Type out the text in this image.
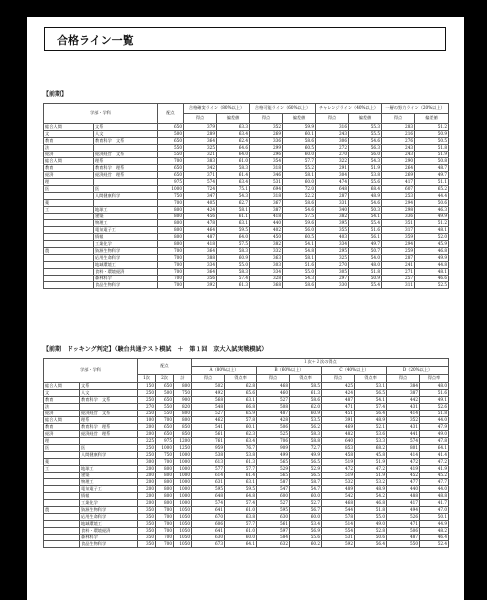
合格ライン一覧
【前期】
学部・学科		配点	合格確実ライン（80%以上）		合格可能ライン（60%以上）		チャレンジライン（40%以上）		一層の努力ライン（20%以上）	
			得点	偏差値	得点	偏差値	得点	偏差値	得点	偏差値
総合人間	文系	650	379	63.3	352	59.9	316	55.3	283	51.2
文	人文	500	289	63.4	269	60.1	243	55.5	216	50.9
教育	教育科学　文系	650	364	62.4	336	58.6	306	54.6	276	50.5
法		550	325	64.6	299	60.5	272	56.3	243	51.8
経済	経済経営　文系	550	321	64.0	296	60.0	270	56.0	243	51.9
総合人間	理系	700	383	61.0	354	57.7	322	54.3	290	50.8
教育	教育科学　理系	650	342	58.3	318	55.2	291	51.9	264	48.7
経済	経済経営　理系	650	371	61.4	346	58.1	304	53.8	269	49.7
理		975	574	63.4	531	60.0	474	55.6	417	51.1
医	医	1000	724	75.1	694	72.0	648	68.4	607	65.2
	人間健康科学	750	347	54.3	318	52.2	287	48.9	253	44.4
薬		700	405	62.7	367	58.6	331	54.6	294	50.6
工	地球工	800	424	58.1	387	54.6	340	50.3	298	46.3
	建築	800	456	61.1	418	57.5	382	54.1	336	49.9
	物理工	800	478	63.1	440	59.6	395	55.4	351	51.2
	電気電子工	800	464	59.5	402	56.0	355	51.6	317	48.1
	情報	800	487	64.0	450	60.5	403	56.1	359	52.0
	工業化学	800	418	57.5	382	54.1	334	49.7	294	45.9
農	資源生物科学	700	364	58.3	332	54.8	295	50.7	259	46.8
	応用生命科学	700	388	60.9	363	58.1	325	54.0	287	49.9
	地域環境工	700	334	55.0	303	51.6	270	48.0	241	44.8
	食料・環境経済	700	364	58.3	334	55.0	305	51.8	271	48.1
	森林科学	700	356	57.4	328	54.3	297	50.9	257	46.6
	食品生物科学	700	392	61.3	368	58.6	330	55.4	311	52.5
【前期　ドッキング判定】（駿台共通テスト模試　＋　第１回　京大入試実戦模試）
学部・学科		配点			１次＋２次の得点							
					A（80%以上）		B（60%以上）		C（40%以上）		D（20%以上）	
		1次	2次	計	得点	得点率	得点	得点率	得点	得点率	得点	得点率
総合人間	文系	150	650	800	502	62.8	468	58.5	425	53.1	384	48.0
文	人文	250	500	750	492	65.6	460	61.3	424	56.5	387	51.6
教育	教育科学　文系	250	650	900	568	63.1	527	58.6	487	54.1	442	49.1
法		270	550	820	548	66.8	508	62.0	471	57.4	431	52.6
経済	経済経営　文系	250	550	800	527	65.9	487	60.9	451	56.4	414	51.8
総合人間	理系	100	700	800	462	57.8	428	53.5	391	48.9	352	44.0
教育	教育科学　理系	200	650	850	541	60.1	506	56.2	469	52.1	431	47.9
経済	経済経営　理系	200	650	850	561	62.3	525	58.3	482	53.6	441	49.0
理		225	975	1200	761	63.4	706	58.8	640	53.3	574	47.8
医	医	250	1000	1250	959	76.7	909	72.7	853	68.2	801	64.1
	人間健康科学	250	750	1000	538	53.8	499	49.9	458	45.8	414	41.4
薬		300	700	1000	613	61.3	565	56.5	519	51.9	472	47.2
工	地球工	200	800	1000	577	57.7	529	52.9	472	47.2	419	41.9
	建築	200	800	1000	614	61.4	565	56.5	519	51.9	452	45.2
	物理工	200	800	1000	631	63.1	587	58.7	532	53.2	477	47.7
	電気電子工	200	800	1000	595	59.5	547	54.7	489	48.9	440	44.0
	情報	200	800	1000	648	64.8	600	60.0	542	54.2	488	48.8
	工業化学	200	800	1000	574	57.4	527	52.7	468	46.8	417	41.7
農	資源生物科学	350	700	1050	641	61.0	595	56.7	544	51.8	494	47.0
	応用生命科学	350	700	1050	670	63.8	630	60.0	578	55.0	526	50.1
	地域環境工	350	700	1050	606	57.7	561	53.4	514	49.0	471	44.9
	食料・環境経済	350	700	1050	641	61.0	597	56.9	554	52.8	506	48.2
	森林科学	350	700	1050	630	60.0	584	55.6	531	50.6	487	46.4
	食品生物科学	350	700	1050	673	64.1	632	60.2	592	56.4	550	52.4
